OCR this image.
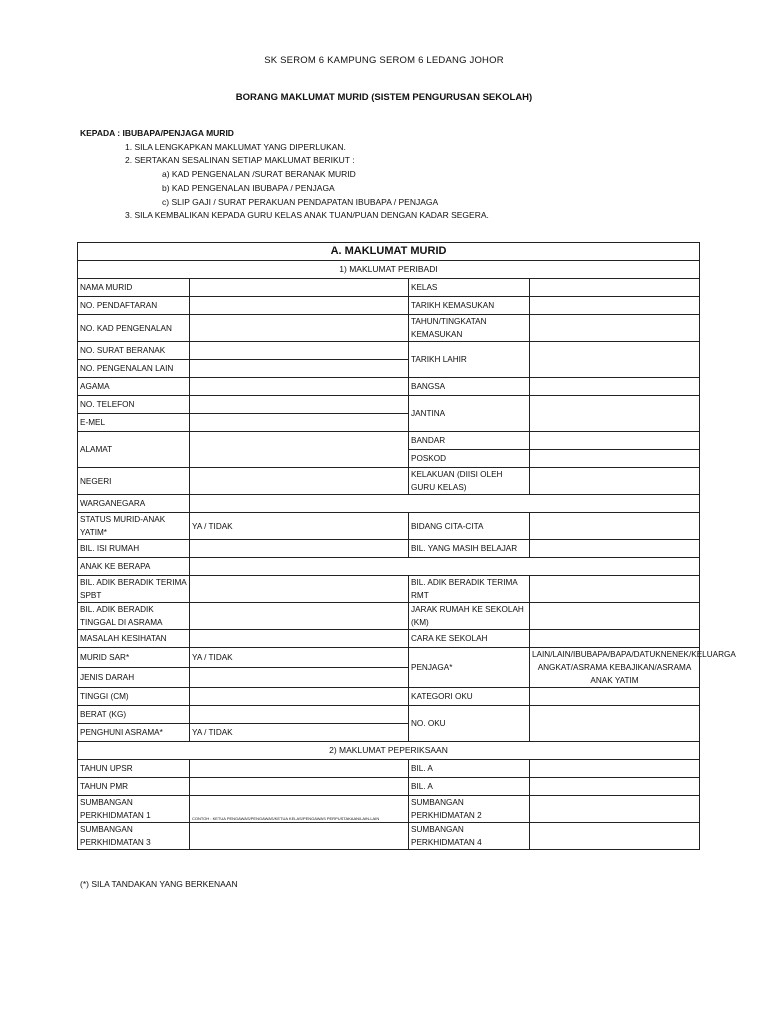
SK SEROM 6 KAMPUNG SEROM 6 LEDANG JOHOR
BORANG MAKLUMAT MURID (SISTEM PENGURUSAN SEKOLAH)
KEPADA : IBUBAPA/PENJAGA MURID
1. SILA LENGKAPKAN MAKLUMAT YANG DIPERLUKAN.
2. SERTAKAN SESALINAN SETIAP MAKLUMAT BERIKUT :
a) KAD PENGENALAN /SURAT BERANAK MURID
b) KAD PENGENALAN IBUBAPA / PENJAGA
c) SLIP GAJI / SURAT PERAKUAN PENDAPATAN IBUBAPA / PENJAGA
3. SILA KEMBALIKAN KEPADA GURU KELAS ANAK TUAN/PUAN DENGAN KADAR SEGERA.
A. MAKLUMAT MURID			
1) MAKLUMAT PERIBADI			
NAMA MURID		KELAS	
NO. PENDAFTARAN		TARIKH KEMASUKAN	
NO. KAD PENGENALAN		TAHUN/TINGKATAN KEMASUKAN	
NO. SURAT BERANAK		TARIKH LAHIR	
NO. PENGENALAN LAIN			
AGAMA		BANGSA	
NO. TELEFON		JANTINA	
E-MEL			
ALAMAT		BANDAR	
		POSKOD	
NEGERI		KELAKUAN (DIISI OLEH GURU KELAS)	
WARGANEGARA			
STATUS MURID-ANAK YATIM*	YA / TIDAK	BIDANG CITA-CITA	
BIL. ISI RUMAH		BIL. YANG MASIH BELAJAR	
ANAK KE BERAPA			
BIL. ADIK BERADIK TERIMA SPBT		BIL. ADIK BERADIK TERIMA RMT	
BIL. ADIK BERADIK TINGGAL DI ASRAMA		JARAK RUMAH KE SEKOLAH (KM)	
MASALAH KESIHATAN		CARA KE SEKOLAH	
MURID SAR*	YA / TIDAK	PENJAGA*	LAIN/LAIN/IBUBAPA/BAPA/DATUKNENEK/KELUARGA ANGKAT/ASRAMA KEBAJIKAN/ASRAMA ANAK YATIM
JENIS DARAH			
TINGGI (CM)		KATEGORI OKU	
BERAT (KG)		NO. OKU	
PENGHUNI ASRAMA*	YA / TIDAK		
2) MAKLUMAT PEPERIKSAAN			
TAHUN UPSR		BIL. A	
TAHUN PMR		BIL. A	
SUMBANGAN PERKHIDMATAN 1	CONTOH : KETUA PENGAWAS/PENGAWAS/KETUA KELAS/PENGAWAS PERPUSTAKAAN/LAIN-LAIN	SUMBANGAN PERKHIDMATAN 2	
SUMBANGAN PERKHIDMATAN 3		SUMBANGAN PERKHIDMATAN 4	
(*) SILA TANDAKAN YANG BERKENAAN
